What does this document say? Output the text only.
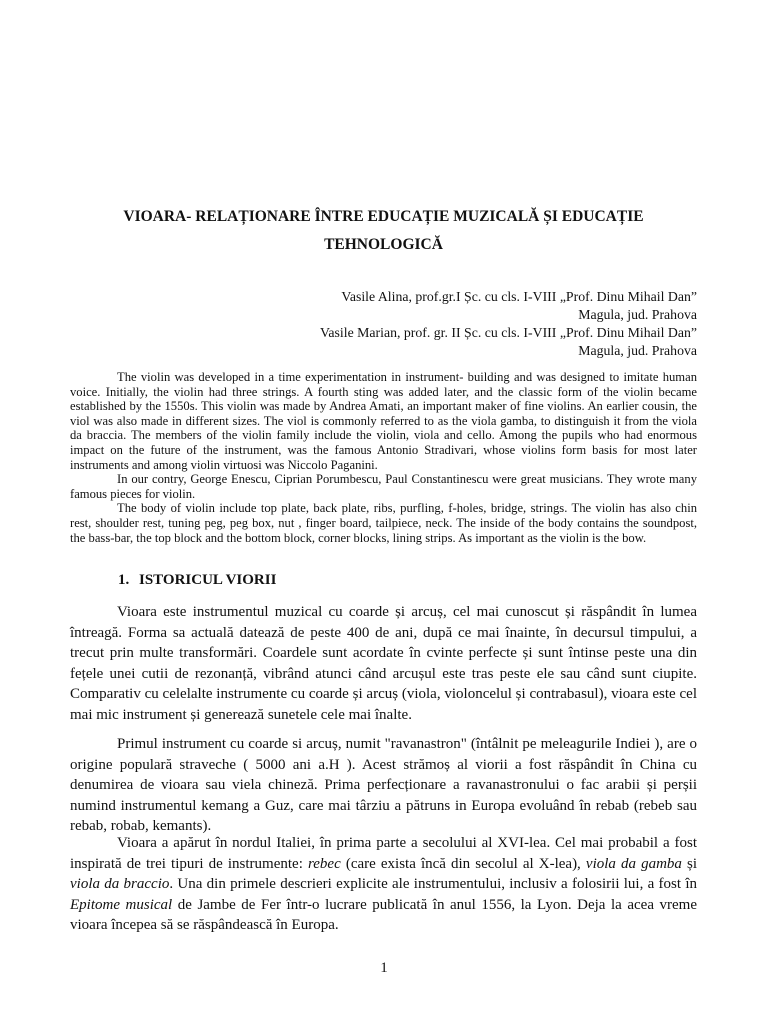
VIOARA- RELAȚIONARE ÎNTRE EDUCAȚIE MUZICALĂ ȘI EDUCAȚIE
TEHNOLOGICĂ
Vasile Alina, prof.gr.I Șc. cu cls. I-VIII „Prof. Dinu Mihail Dan”
Magula, jud. Prahova
Vasile Marian, prof. gr. II Șc. cu cls. I-VIII „Prof. Dinu Mihail Dan”
Magula, jud. Prahova

The violin was developed in a time experimentation in instrument- building and was designed to imitate human voice. Initially, the violin had three strings. A fourth sting was added later, and the classic form of the violin became established by the 1550s. This violin was made by Andrea Amati, an important maker of fine violins. An earlier cousin, the viol was also made in different sizes. The viol is commonly referred to as the viola gamba, to distinguish it from the viola da braccia. The members of the violin family include the violin, viola and cello. Among the pupils who had enormous impact on the future of the instrument, was the famous Antonio Stradivari, whose violins form basis for most later instruments and among violin virtuosi was Niccolo Paganini.

In our contry, George Enescu, Ciprian Porumbescu, Paul Constantinescu were great musicians. They wrote many famous pieces for violin.

The body of violin include top plate, back plate, ribs, purfling, f-holes, bridge, strings. The violin has also chin rest, shoulder rest, tuning peg, peg box, nut , finger board, tailpiece, neck. The inside of the body contains the soundpost, the bass-bar, the top block and the bottom block, corner blocks, lining strips. As important as the violin is the bow.

1. ISTORICUL VIORII

Vioara este instrumentul muzical cu coarde și arcuș, cel mai cunoscut și răspândit în lumea întreagă. Forma sa actuală datează de peste 400 de ani, după ce mai înainte, în decursul timpului, a trecut prin multe transformări. Coardele sunt acordate în cvinte perfecte și sunt întinse peste una din fețele unei cutii de rezonanță, vibrând atunci când arcușul este tras peste ele sau când sunt ciupite. Comparativ cu celelalte instrumente cu coarde și arcuș (viola, violoncelul și contrabasul), vioara este cel mai mic instrument și generează sunetele cele mai înalte.

Primul instrument cu coarde si arcuș, numit "ravanastron" (întâlnit pe meleagurile Indiei ), are o origine populară straveche ( 5000 ani a.H ). Acest strămoș al viorii a fost răspândit în China cu denumirea de vioara sau viela chineză. Prima perfecționare a ravanastronului o fac arabii și perșii numind instrumentul kemang a Guz, care mai târziu a pătruns in Europa evoluând în rebab (rebeb sau rebab, robab, kemants).

Vioara a apărut în nordul Italiei, în prima parte a secolului al XVI-lea. Cel mai probabil a fost inspirată de trei tipuri de instrumente: rebec (care exista încă din secolul al X-lea), viola da gamba și viola da braccio. Una din primele descrieri explicite ale instrumentului, inclusiv a folosirii lui, a fost în Epitome musical de Jambe de Fer într-o lucrare publicată în anul 1556, la Lyon. Deja la acea vreme vioara începea să se răspândească în Europa.

1
